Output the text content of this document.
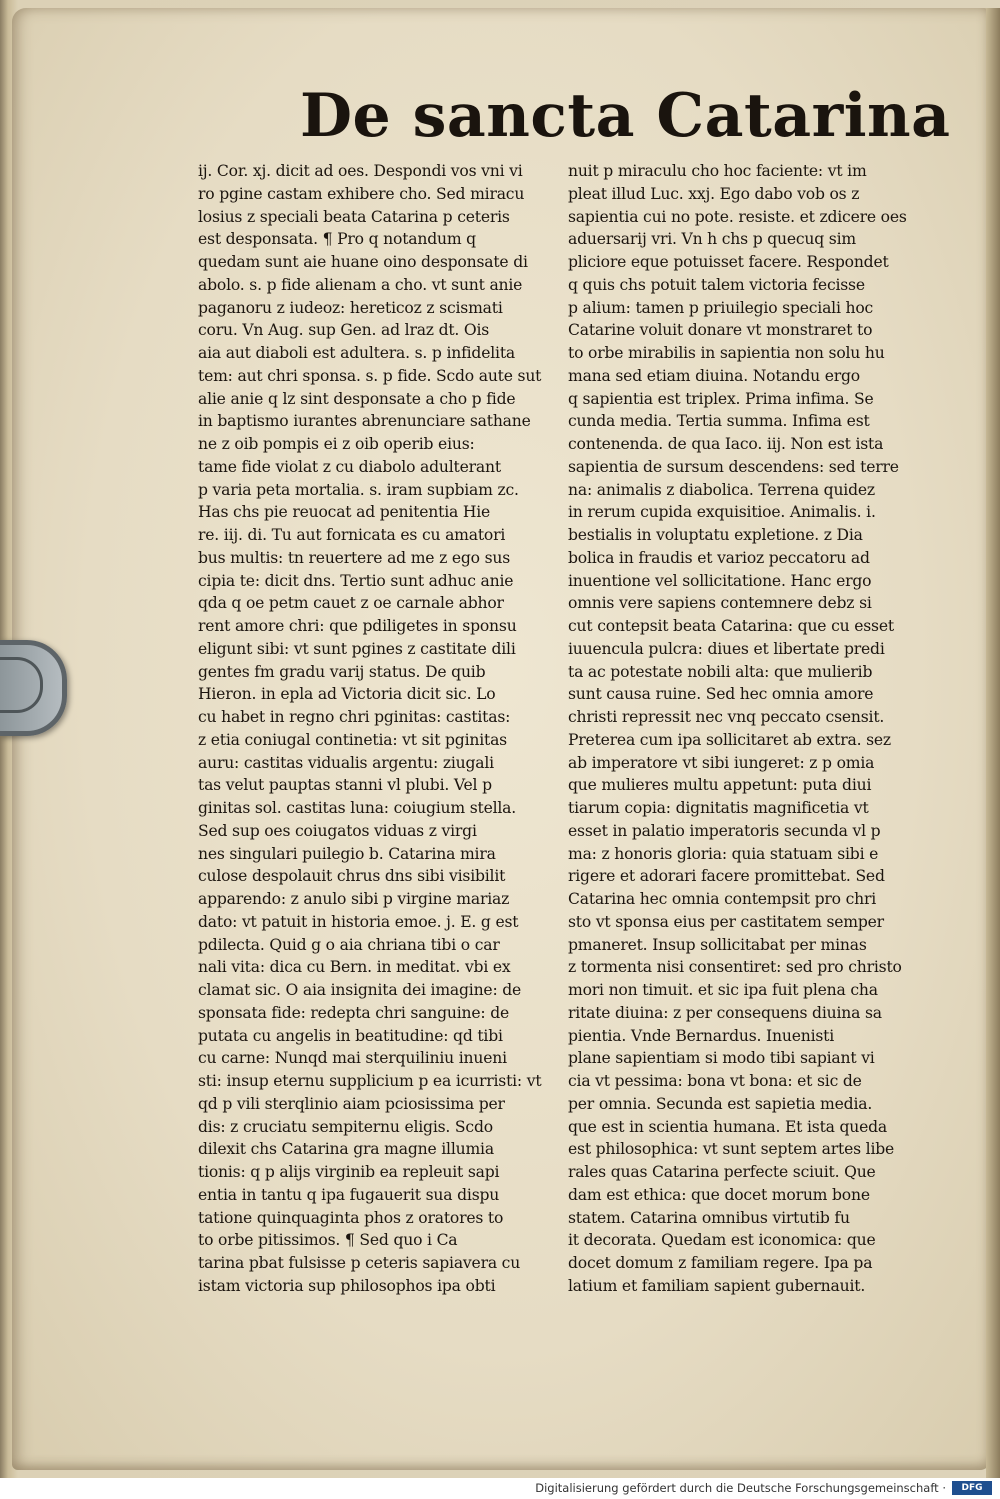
De sancta Catarina
ij. Cor. xj. dicit ad oes. Despondi vos vni vi
ro pgine castam exhibere cho. Sed miracu
losius z speciali beata Catarina p ceteris
est desponsata. ¶ Pro q notandum q
quedam sunt aie huane oino desponsate di
abolo. s. p fide alienam a cho. vt sunt anie
paganoru z iudeoz: hereticoz z scismati
coru. Vn Aug. sup Gen. ad lraz dt. Ois
aia aut diaboli est adultera. s. p infidelita
tem: aut chri sponsa. s. p fide. Scdo aute sut
alie anie q lz sint desponsate a cho p fide
in baptismo iurantes abrenunciare sathane
ne z oib pompis ei z oib operib eius:
tame fide violat z cu diabolo adulterant
p varia peta mortalia. s. iram supbiam zc.
Has chs pie reuocat ad penitentia Hie
re. iij. di. Tu aut fornicata es cu amatori
bus multis: tn reuertere ad me z ego sus
cipia te: dicit dns. Tertio sunt adhuc anie
qda q oe petm cauet z oe carnale abhor
rent amore chri: que pdiligetes in sponsu
eligunt sibi: vt sunt pgines z castitate dili
gentes fm gradu varij status. De quib
Hieron. in epla ad Victoria dicit sic. Lo
cu habet in regno chri pginitas: castitas:
z etia coniugal continetia: vt sit pginitas
auru: castitas vidualis argentu: ziugali
tas velut pauptas stanni vl plubi. Vel p
ginitas sol. castitas luna: coiugium stella.
Sed sup oes coiugatos viduas z virgi
nes singulari puilegio b. Catarina mira
culose despolauit chrus dns sibi visibilit
apparendo: z anulo sibi p virgine mariaz
dato: vt patuit in historia emoe. j. E. g est
pdilecta. Quid g o aia chriana tibi o car
nali vita: dica cu Bern. in meditat. vbi ex
clamat sic. O aia insignita dei imagine: de
sponsata fide: redepta chri sanguine: de
putata cu angelis in beatitudine: qd tibi
cu carne: Nunqd mai sterquiliniu inueni
sti: insup eternu supplicium p ea icurristi: vt
qd p vili sterqlinio aiam pciosissima per
dis: z cruciatu sempiternu eligis. Scdo
dilexit chs Catarina gra magne illumia
tionis: q p alijs virginib ea repleuit sapi
entia in tantu q ipa fugauerit sua dispu
tatione quinquaginta phos z oratores to
to orbe pitissimos. ¶ Sed quo i Ca
tarina pbat fulsisse p ceteris sapiavera cu
istam victoria sup philosophos ipa obti
nuit p miraculu cho hoc faciente: vt im
pleat illud Luc. xxj. Ego dabo vob os z
sapientia cui no pote. resiste. et zdicere oes
aduersarij vri. Vn h chs p quecuq sim
pliciore eque potuisset facere. Respondet
q quis chs potuit talem victoria fecisse
p alium: tamen p priuilegio speciali hoc
Catarine voluit donare vt monstraret to
to orbe mirabilis in sapientia non solu hu
mana sed etiam diuina. Notandu ergo
q sapientia est triplex. Prima infima. Se
cunda media. Tertia summa. Infima est
contenenda. de qua Iaco. iij. Non est ista
sapientia de sursum descendens: sed terre
na: animalis z diabolica. Terrena quidez
in rerum cupida exquisitioe. Animalis. i.
bestialis in voluptatu expletione. z Dia
bolica in fraudis et varioz peccatoru ad
inuentione vel sollicitatione. Hanc ergo
omnis vere sapiens contemnere debz si
cut contepsit beata Catarina: que cu esset
iuuencula pulcra: diues et libertate predi
ta ac potestate nobili alta: que mulierib
sunt causa ruine. Sed hec omnia amore
christi repressit nec vnq peccato csensit.
Preterea cum ipa sollicitaret ab extra. sez
ab imperatore vt sibi iungeret: z p omia
que mulieres multu appetunt: puta diui
tiarum copia: dignitatis magnificetia vt
esset in palatio imperatoris secunda vl p
ma: z honoris gloria: quia statuam sibi e
rigere et adorari facere promittebat. Sed
Catarina hec omnia contempsit pro chri
sto vt sponsa eius per castitatem semper
pmaneret. Insup sollicitabat per minas
z tormenta nisi consentiret: sed pro christo
mori non timuit. et sic ipa fuit plena cha
ritate diuina: z per consequens diuina sa
pientia. Vnde Bernardus. Inuenisti
plane sapientiam si modo tibi sapiant vi
cia vt pessima: bona vt bona: et sic de
per omnia. Secunda est sapietia media.
que est in scientia humana. Et ista queda
est philosophica: vt sunt septem artes libe
rales quas Catarina perfecte sciuit. Que
dam est ethica: que docet morum bone
statem. Catarina omnibus virtutib fu
it decorata. Quedam est iconomica: que
docet domum z familiam regere. Ipa pa
latium et familiam sapient gubernauit.
Digitalisierung gefördert durch die Deutsche Forschungsgemeinschaft ·	DFG
